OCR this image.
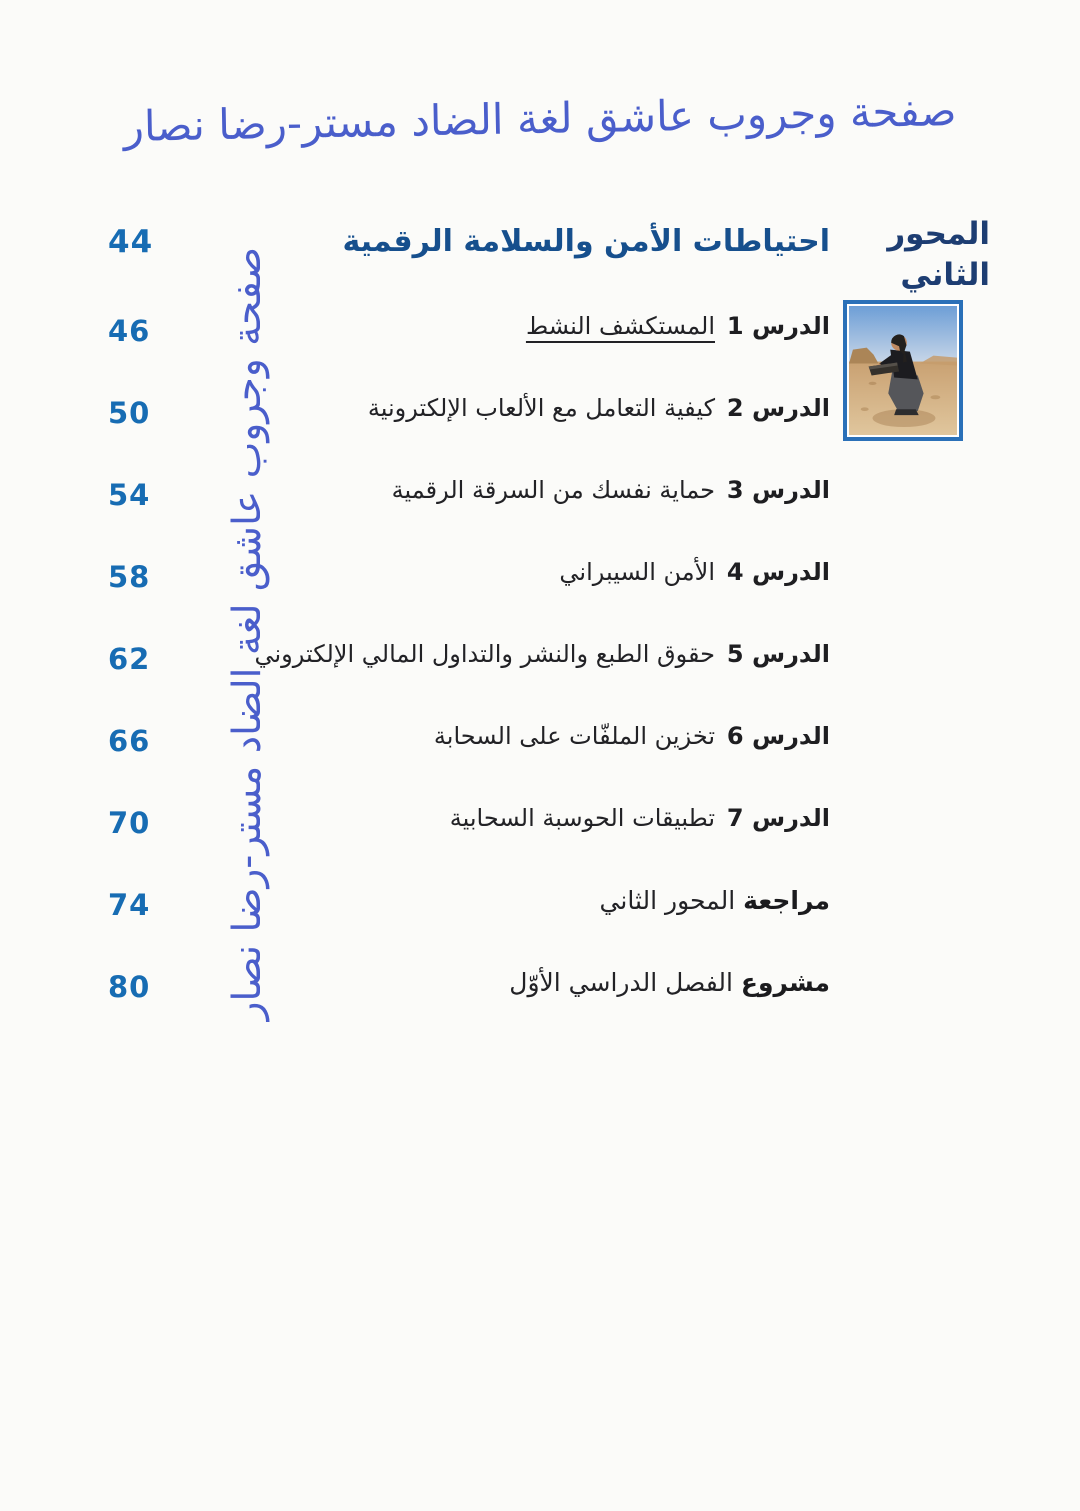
صفحة وجروب عاشق لغة الضاد مستر-رضا نصار
صفحة وجروب عاشق لغة الضاد مستر-رضا نصار
المحور
الثاني
احتياطات الأمن والسلامة الرقمية
44
الدرس 1
المستكشف النشط
46
الدرس 2
كيفية التعامل مع الألعاب الإلكترونية
50
الدرس 3
حماية نفسك من السرقة الرقمية
54
الدرس 4
الأمن السيبراني
58
الدرس 5
حقوق الطبع والنشر والتداول المالي الإلكتروني
62
الدرس 6
تخزين الملفّات على السحابة
66
الدرس 7
تطبيقات الحوسبة السحابية
70
مراجعة المحور الثاني
74
مشروع الفصل الدراسي الأوّل
80
